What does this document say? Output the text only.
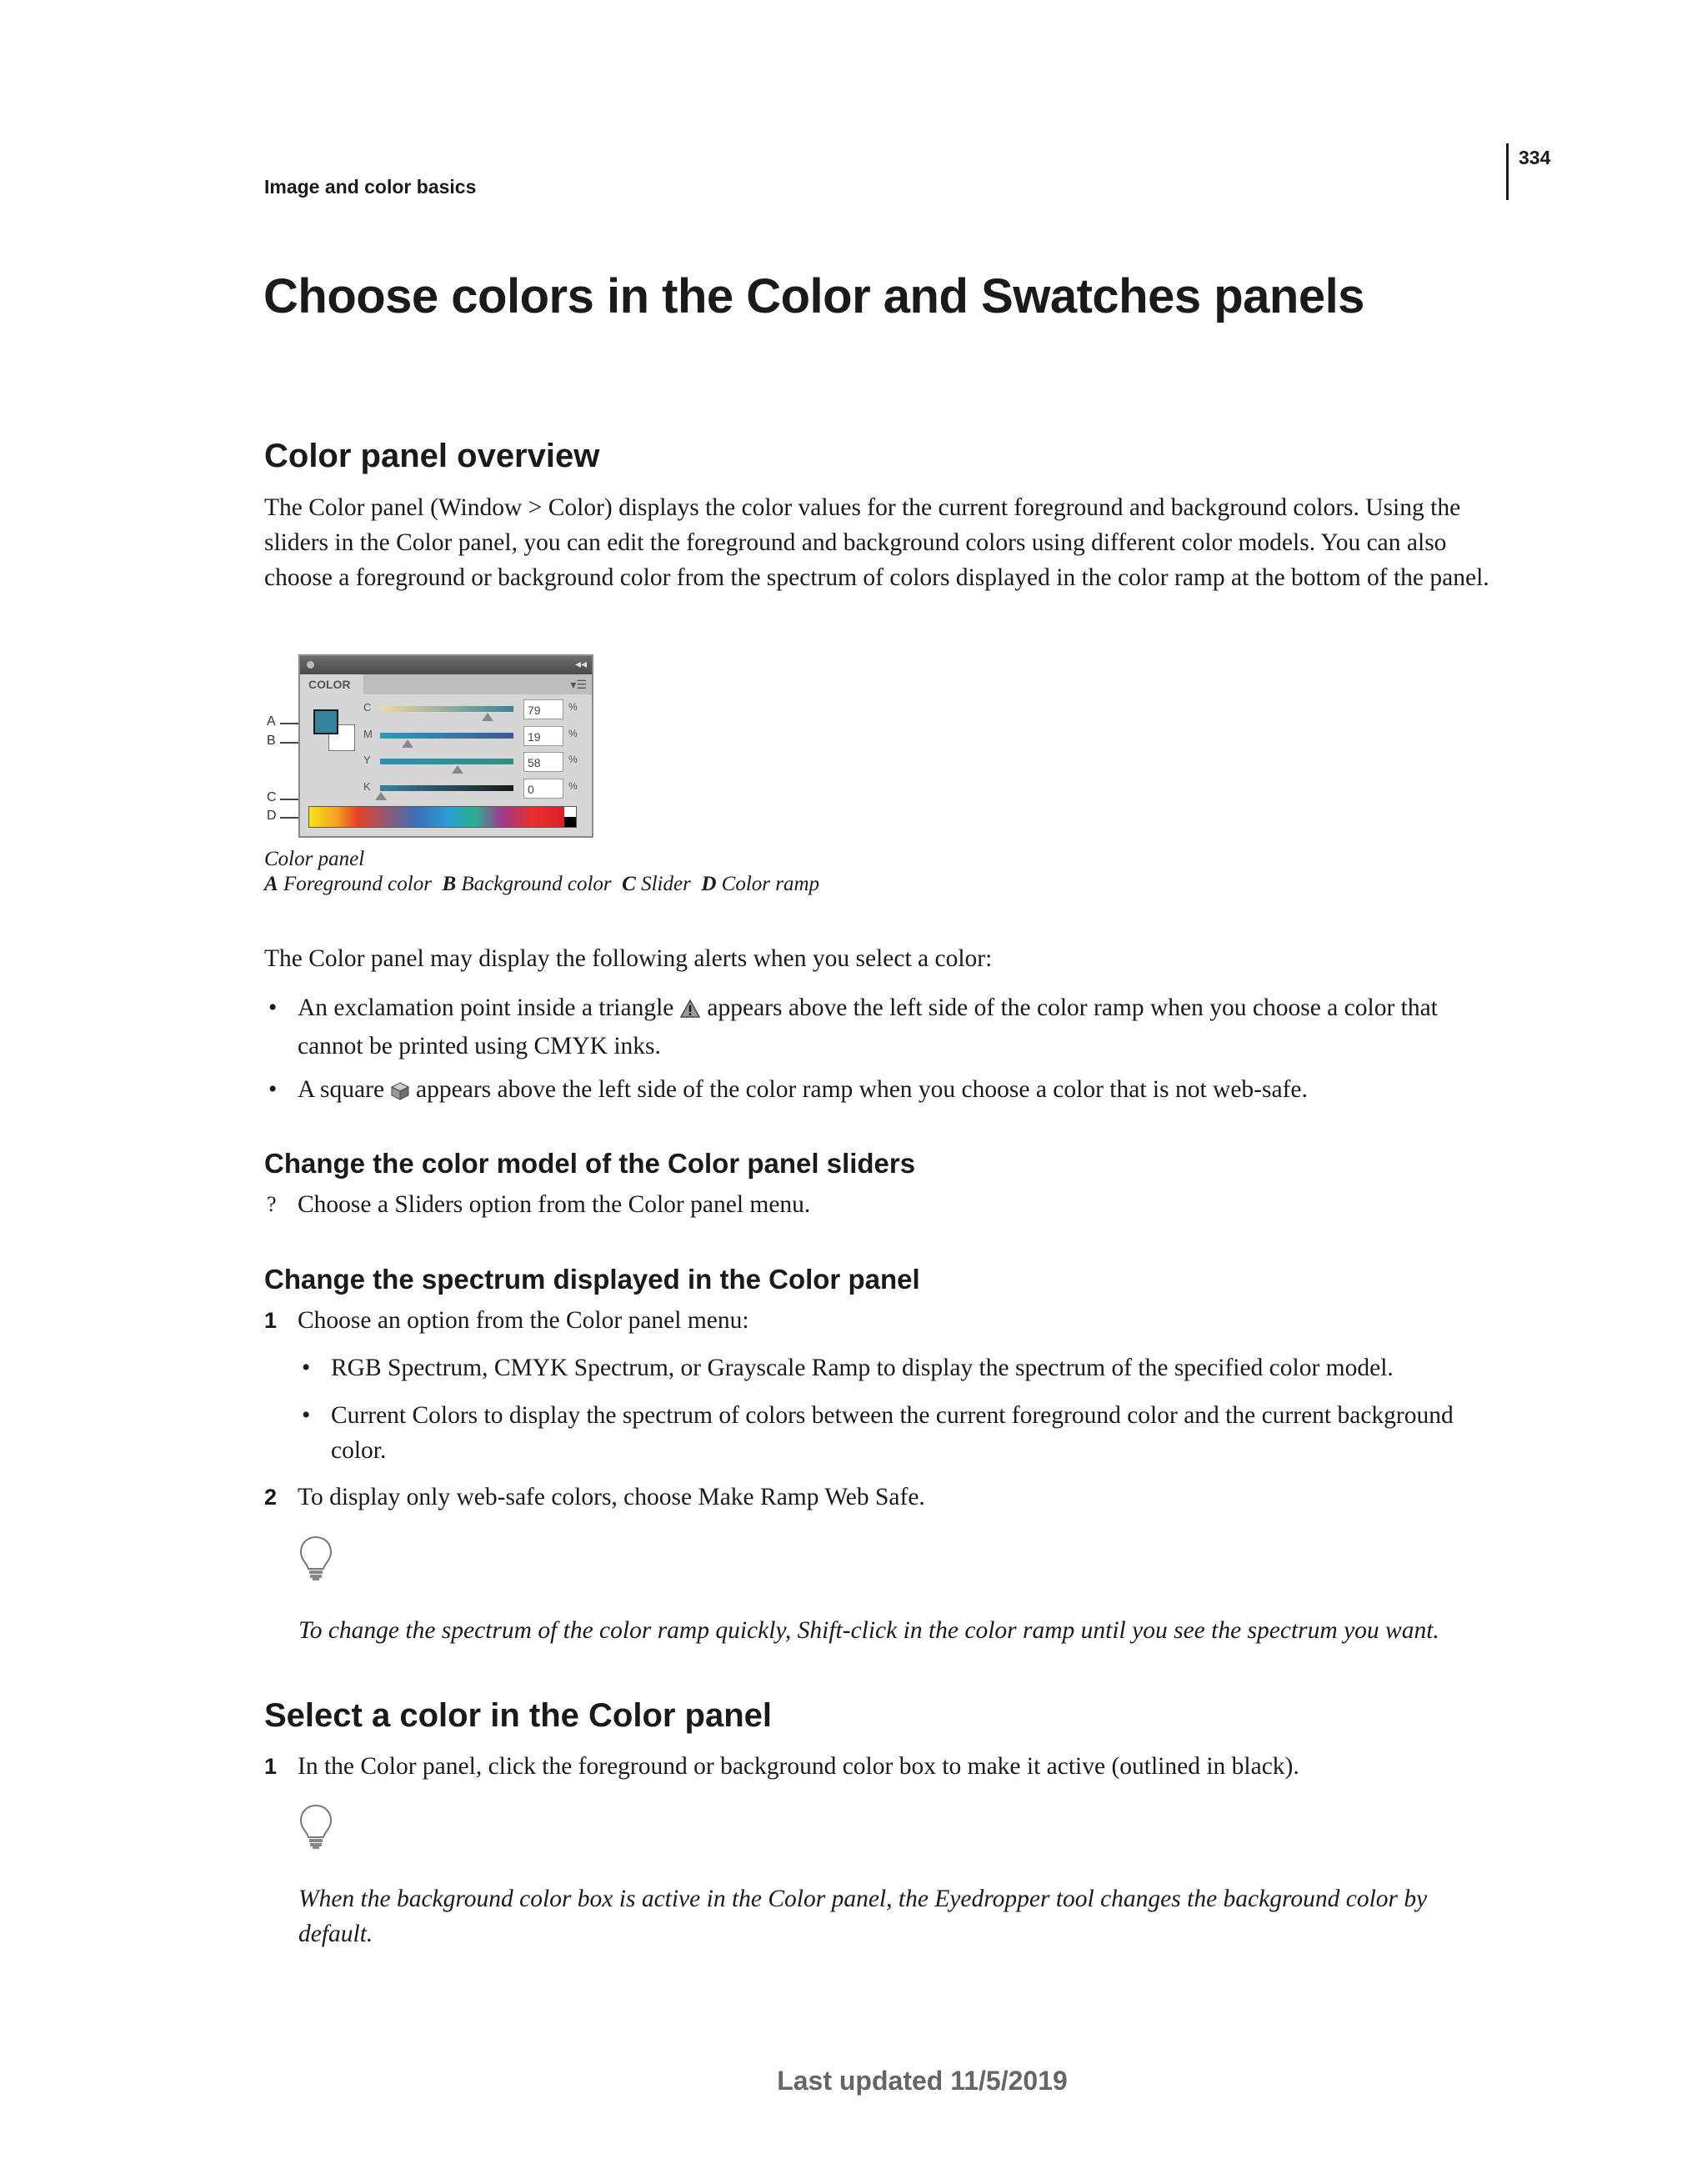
334
Image and color basics
Choose colors in the Color and Swatches panels
Color panel overview

The Color panel (Window > Color) displays the color values for the current foreground and background colors. Using the sliders in the Color panel, you can edit the foreground and background colors using different color models. You can also choose a foreground or background color from the spectrum of colors displayed in the color ramp at the bottom of the panel.

A
B
C
D
◂◂
COLOR	▾☰
C	79	%
M	19	%
Y	58	%
K	0	%
Color panel
A Foreground color B Background color C Slider D Color ramp

The Color panel may display the following alerts when you select a color:

• An exclamation point inside a triangle appears above the left side of the color ramp when you choose a color that cannot be printed using CMYK inks.
• A square appears above the left side of the color ramp when you choose a color that is not web-safe.
Change the color model of the Color panel sliders
? Choose a Sliders option from the Color panel menu.
Change the spectrum displayed in the Color panel
1 Choose an option from the Color panel menu:
• RGB Spectrum, CMYK Spectrum, or Grayscale Ramp to display the spectrum of the specified color model.
• Current Colors to display the spectrum of colors between the current foreground color and the current background color.
2 To display only web-safe colors, choose Make Ramp Web Safe.
To change the spectrum of the color ramp quickly, Shift-click in the color ramp until you see the spectrum you want.
Select a color in the Color panel
1 In the Color panel, click the foreground or background color box to make it active (outlined in black).
When the background color box is active in the Color panel, the Eyedropper tool changes the background color by default.
Last updated 11/5/2019
